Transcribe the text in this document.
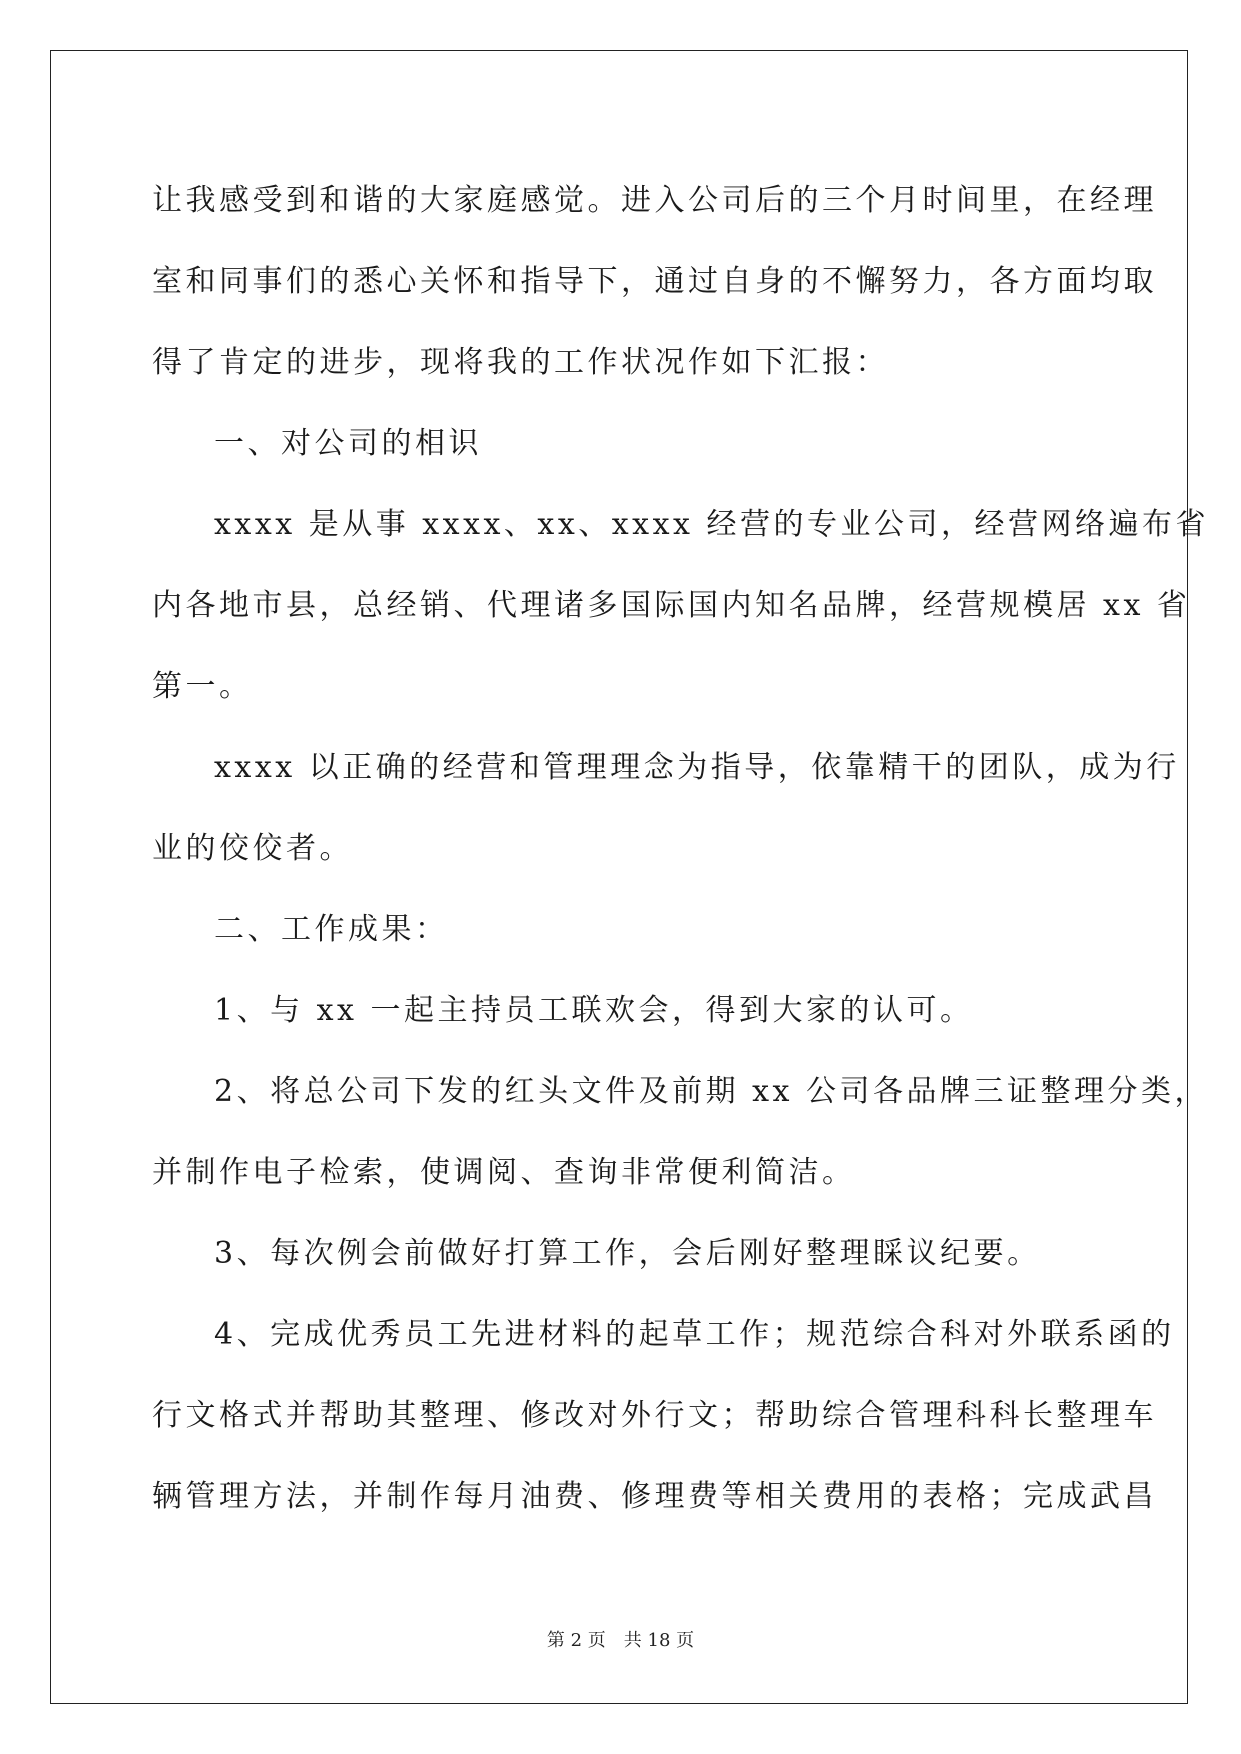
让我感受到和谐的大家庭感觉。进入公司后的三个月时间里，在经理
室和同事们的悉心关怀和指导下，通过自身的不懈努力，各方面均取
得了肯定的进步，现将我的工作状况作如下汇报：
一、对公司的相识
xxxx 是从事 xxxx、xx、xxxx 经营的专业公司，经营网络遍布省
内各地市县，总经销、代理诸多国际国内知名品牌，经营规模居 xx 省
第一。
xxxx 以正确的经营和管理理念为指导，依靠精干的团队，成为行
业的佼佼者。
二、工作成果：
1、与 xx 一起主持员工联欢会，得到大家的认可。
2、将总公司下发的红头文件及前期 xx 公司各品牌三证整理分类，
并制作电子检索，使调阅、查询非常便利简洁。
3、每次例会前做好打算工作，会后刚好整理睬议纪要。
4、完成优秀员工先进材料的起草工作；规范综合科对外联系函的
行文格式并帮助其整理、修改对外行文；帮助综合管理科科长整理车
辆管理方法，并制作每月油费、修理费等相关费用的表格；完成武昌
第 2 页 共 18 页
